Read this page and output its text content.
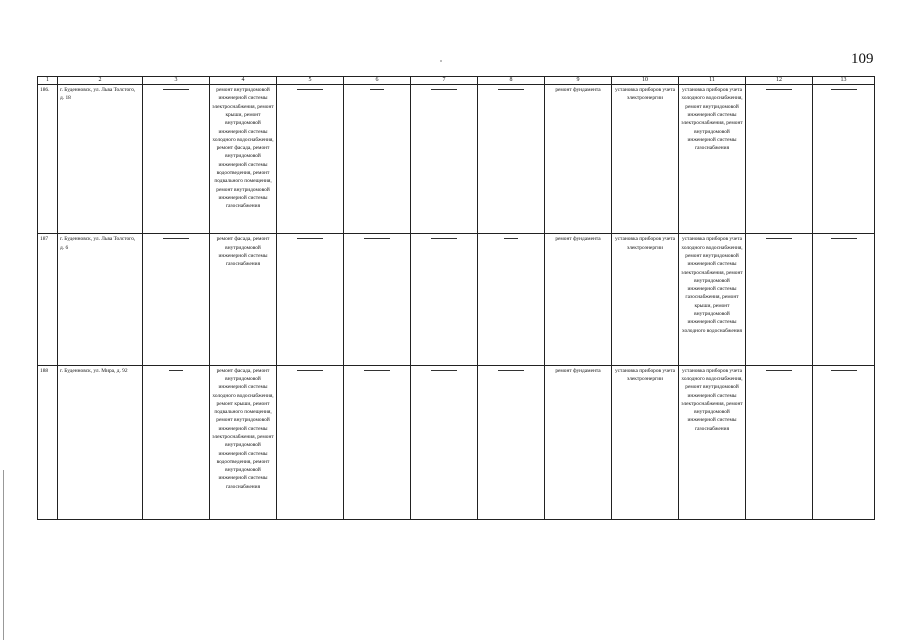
109
1	2	3	4	5	6	7	8	9	10	11	12	13
186.	г. Буденновск, ул. Льва Толстого, д. 18		ремонт внутридомовой инженерной системы электроснабжения, ремонт крыши, ремонт внутридомовой инженерной системы холодного водоснабжения, ремонт фасада, ремонт внутридомовой инженерной системы водоотведения, ремонт подвального помещения, ремонт внутридомовой инженерной системы газоснабжения					ремонт фундамента	установка приборов учета электроэнергии	установка приборов учета холодного водоснабжения, ремонт внутридомовой инженерной системы электроснабжения, ремонт внутридомовой инженерной системы газоснабжения	

187	г. Буденновск, ул. Льва Толстого, д. 6		ремонт фасада, ремонт внутридомовой инженерной системы газоснабжения					ремонт фундамента	установка приборов учета электроэнергии	установка приборов учета холодного водоснабжения, ремонт внутридомовой инженерной системы электроснабжения, ремонт внутридомовой инженерной системы газоснабжения, ремонт крыши, ремонт внутридомовой инженерной системы холодного водоснабжения	

188	г. Буденновск, ул. Мира, д. 92		ремонт фасада, ремонт внутридомовой инженерной системы холодного водоснабжения, ремонт крыши, ремонт подвального помещения, ремонт внутридомовой инженерной системы электроснабжения, ремонт внутридомовой инженерной системы водоотведения, ремонт внутридомовой инженерной системы газоснабжения					ремонт фундамента	установка приборов учета электроэнергии	установка приборов учета холодного водоснабжения, ремонт внутридомовой инженерной системы электроснабжения, ремонт внутридомовой инженерной системы газоснабжения	
